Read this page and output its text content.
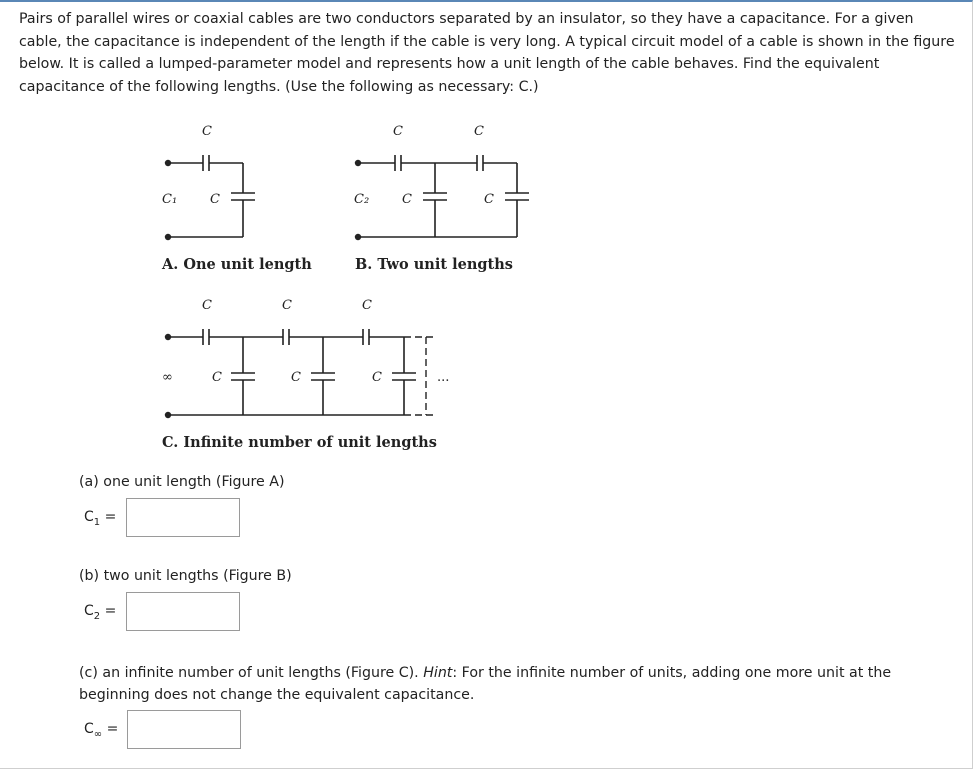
Pairs of parallel wires or coaxial cables are two conductors separated by an insulator, so they have a capacitance. For a given cable, the capacitance is independent of the length if the cable is very long. A typical circuit model of a cable is shown in the figure below. It is called a lumped-parameter model and represents how a unit length of the cable behaves. Find the equivalent capacitance of the following lengths. (Use the following as necessary: C.)
C
C₁	C
A. One unit length
C	C
C₂	C	C
B. Two unit lengths
C	C	C
∞	C	C	C	...
C. Infinite number of unit lengths
(a) one unit length (Figure A)
$C_1$ =
(b) two unit lengths (Figure B)
$C_2$ =
(c) an infinite number of unit lengths (Figure C). Hint: For the infinite number of units, adding one more unit at the beginning does not change the equivalent capacitance.
$C_\infty$ =
